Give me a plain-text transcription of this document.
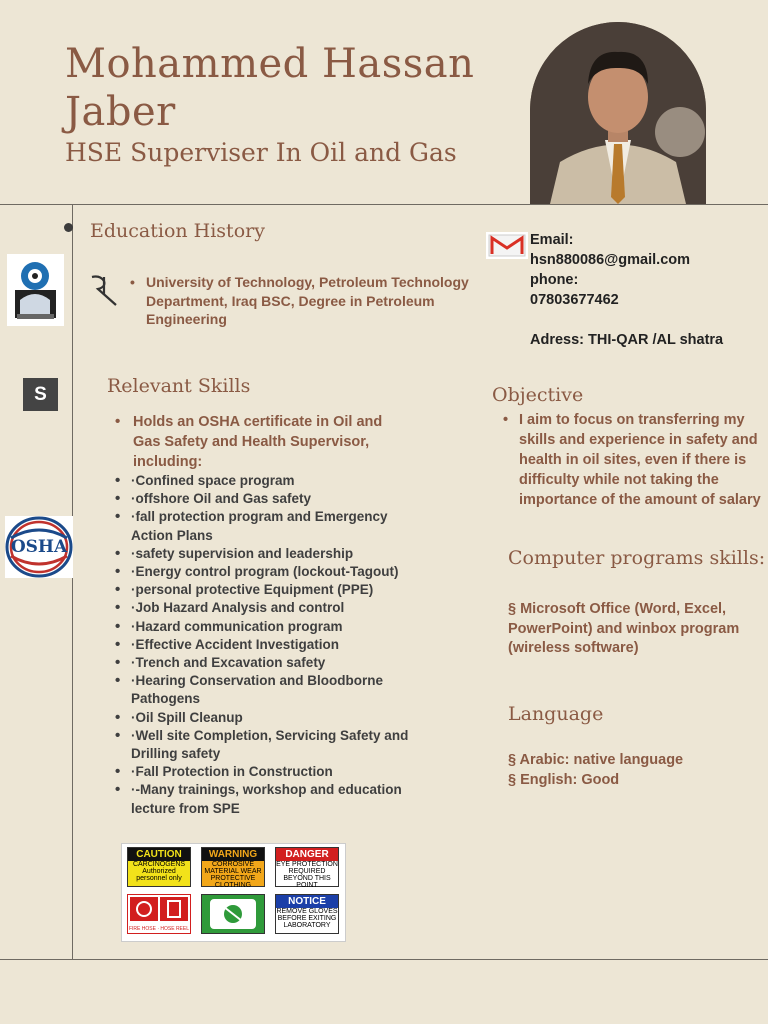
Mohammed Hassan Jaber
HSE Superviser In Oil and Gas
Education History
• University of Technology, Petroleum Technology Department, Iraq BSC, Degree in Petroleum Engineering
S	Relevant Skills
OSHA
• Holds an OSHA certificate in Oil and Gas Safety and Health Supervisor, including:
• ·Confined space program
• ·offshore Oil and Gas safety
• ·fall protection program and Emergency Action Plans
• ·safety supervision and leadership
• ·Energy control program (lockout-Tagout)
• ·personal protective Equipment (PPE)
• ·Job Hazard Analysis and control
• ·Hazard communication program
• ·Effective Accident Investigation
• ·Trench and Excavation safety
• ·Hearing Conservation and Bloodborne Pathogens
• ·Oil Spill Cleanup
• ·Well site Completion, Servicing Safety and Drilling safety
• ·Fall Protection in Construction
• ·-Many trainings, workshop and education lecture from SPE
CAUTION
CARCINOGENS Authorized personnel only
WARNING
CORROSIVE MATERIAL WEAR PROTECTIVE CLOTHING
DANGER
EYE PROTECTION REQUIRED BEYOND THIS POINT
FIRE HOSE · HOSE REEL
NOTICE
REMOVE GLOVES BEFORE EXITING LABORATORY
Email:
hsn880086@gmail.com
phone:
07803677462
Adress: THI-QAR /AL shatra
Objective
• I aim to focus on transferring my skills and experience in safety and health in oil sites, even if there is difficulty while not taking the importance of the amount of salary
Computer programs skills:
§ Microsoft Office (Word, Excel, PowerPoint) and winbox program (wireless software)
Language
§ Arabic: native language
§ English: Good
